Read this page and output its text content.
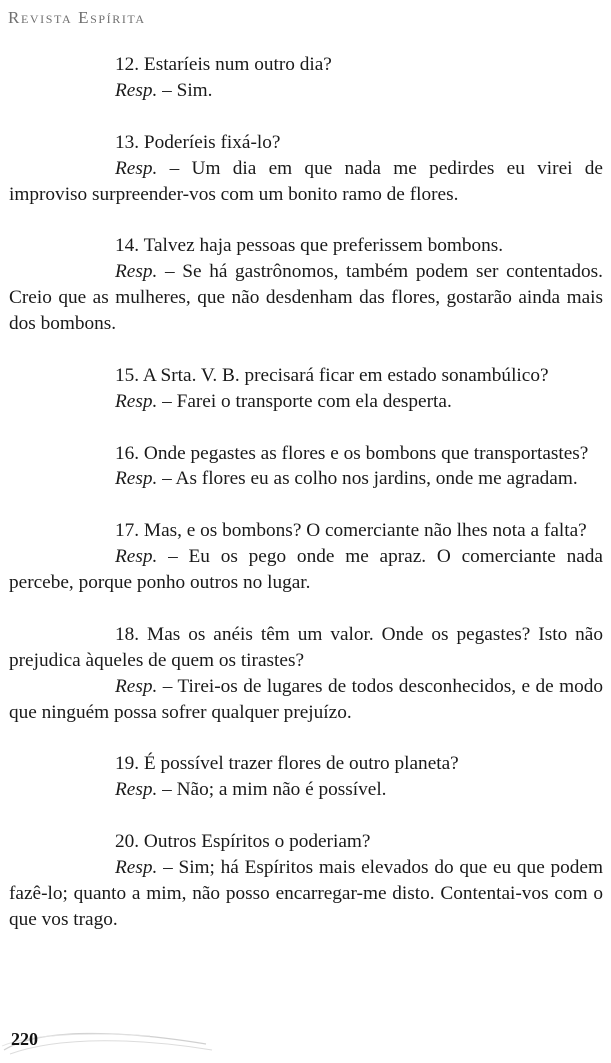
Revista Espírita

12. Estaríeis num outro dia?

Resp. – Sim.

13. Poderíeis fixá-lo?

Resp. – Um dia em que nada me pedirdes eu virei de improviso surpreender-vos com um bonito ramo de flores.

14. Talvez haja pessoas que preferissem bombons.

Resp. – Se há gastrônomos, também podem ser contentados. Creio que as mulheres, que não desdenham das flores, gostarão ainda mais dos bombons.

15. A Srta. V. B. precisará ficar em estado sonambúlico?

Resp. – Farei o transporte com ela desperta.

16. Onde pegastes as flores e os bombons que transportastes?

Resp. – As flores eu as colho nos jardins, onde me agradam.

17. Mas, e os bombons? O comerciante não lhes nota a falta?

Resp. – Eu os pego onde me apraz. O comerciante nada percebe, porque ponho outros no lugar.

18. Mas os anéis têm um valor. Onde os pegastes? Isto não prejudica àqueles de quem os tirastes?

Resp. – Tirei-os de lugares de todos desconhecidos, e de modo que ninguém possa sofrer qualquer prejuízo.

19. É possível trazer flores de outro planeta?

Resp. – Não; a mim não é possível.

20. Outros Espíritos o poderiam?

Resp. – Sim; há Espíritos mais elevados do que eu que podem fazê-lo; quanto a mim, não posso encarregar-me disto. Contentai-vos com o que vos trago.

220
